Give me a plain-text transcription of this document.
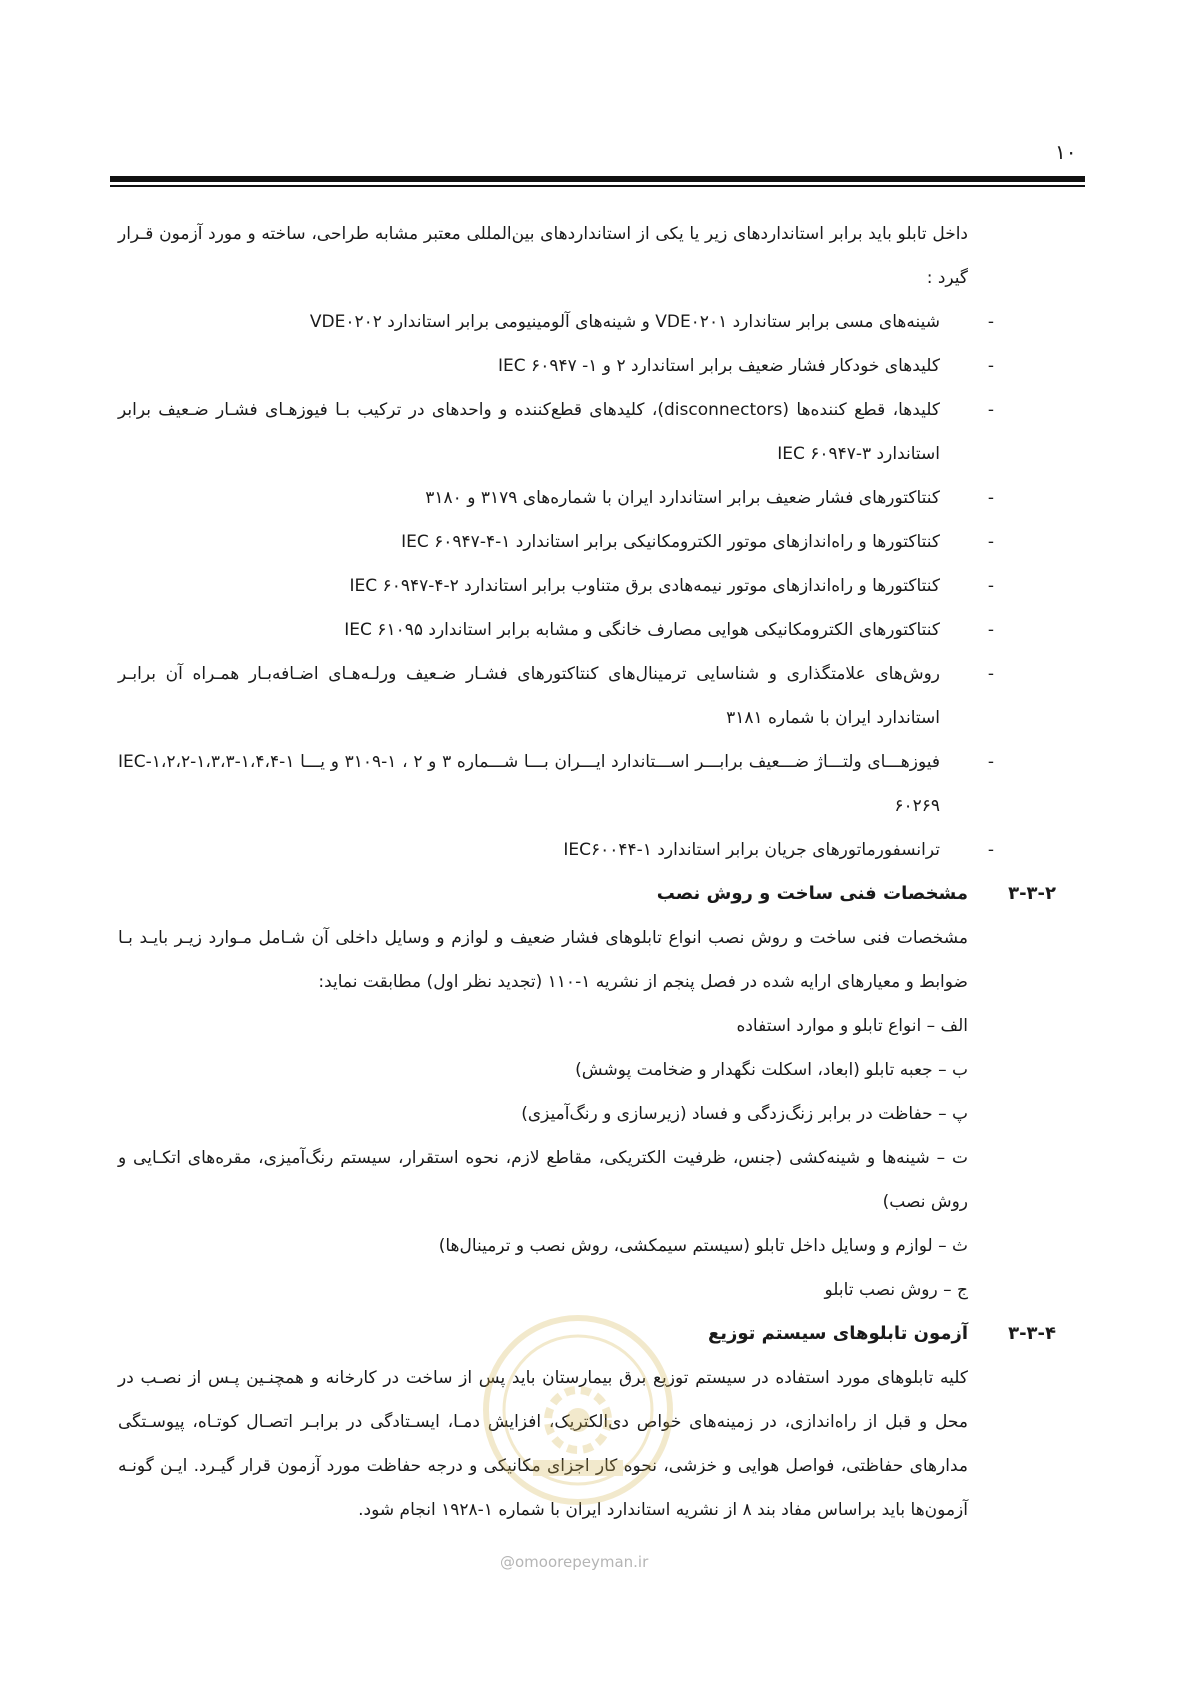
۱۰

داخل تابلو باید برابر استانداردهای زیر یا یکی از استانداردهای بین‌المللی معتبر مشابه طراحی، ساخته و مورد آزمون قـرار گیرد :

-
شینه‌های مسی برابر ستاندارد VDE۰۲۰۱ و شینه‌های آلومینیومی برابر استاندارد VDE۰۲۰۲
-
کلیدهای خودکار فشار ضعیف برابر استاندارد ۲ و ۱- IEC ۶۰۹۴۷
-
کلیدها، قطع کننده‌ها (disconnectors)، کلیدهای قطع‌کننده و واحدهای در ترکیب بـا فیوزهـای فشـار ضـعیف برابر استاندارد ۳-IEC ۶۰۹۴۷
-
کنتاکتورهای فشار ضعیف برابر استاندارد ایران با شماره‌های ۳۱۷۹ و ۳۱۸۰
-
کنتاکتورها و راه‌اندازهای موتور الکترومکانیکی برابر استاندارد ۱-۴-IEC ۶۰۹۴۷
-
کنتاکتورها و راه‌اندازهای موتور نیمه‌هادی برق متناوب برابر استاندارد ۲-۴-IEC ۶۰۹۴۷
-
کنتاکتورهای الکترومکانیکی هوایی مصارف خانگی و مشابه برابر استاندارد IEC ۶۱۰۹۵
-
روش‌های علامتگذاری و شناسایی ترمینال‌های کنتاکتورهای فشـار ضـعیف ورلـه‌هـای اضـافه‌بـار همـراه آن برابـر استاندارد ایران با شماره ۳۱۸۱
-
فیوزهـــای ولتـــاژ ضـــعیف برابـــر اســـتاندارد ایـــران بـــا شـــماره ۳ و ۲ ، ۱-۳۱۰۹ و یـــا ۱-۱،۴،۴-۱،۳،۳-۱،۲،۲-IEC ۶۰۲۶۹
-
ترانسفورماتورهای جریان برابر استاندارد ۱-IEC۶۰۰۴۴
۳-۳-۲
مشخصات فنی ساخت و روش نصب

مشخصات فنی ساخت و روش نصب انواع تابلوهای فشار ضعیف و لوازم و وسایل داخلی آن شـامل مـوارد زیـر بایـد بـا ضوابط و معیارهای ارایه شده در فصل پنجم از نشریه ۱-۱۱۰ (تجدید نظر اول) مطابقت نماید:

الف – انواع تابلو و موارد استفاده

ب – جعبه تابلو (ابعاد، اسکلت نگهدار و ضخامت پوشش)

پ – حفاظت در برابر زنگ‌زدگی و فساد (زیرسازی و رنگ‌آمیزی)

ت – شینه‌ها و شینه‌کشی (جنس، ظرفیت الکتریکی، مقاطع لازم، نحوه استقرار، سیستم رنگ‌آمیزی، مقره‌های اتکـایی و روش نصب)

ث – لوازم و وسایل داخل تابلو (سیستم سیمکشی، روش نصب و ترمینال‌ها)

ج – روش نصب تابلو

۳-۳-۴
آزمون تابلوهای سیستم توزیع

کلیه تابلوهای مورد استفاده در سیستم توزیع برق بیمارستان باید پس از ساخت در کارخانه و همچنـین پـس از نصـب در محل و قبل از راه‌اندازی، در زمینه‌های خواص دی‌الکتریک، افزایش دمـا، ایسـتادگی در برابـر اتصـال کوتـاه، پیوسـتگی مدارهای حفاظتی، فواصل هوایی و خزشی، نحوه کار اجزای مکانیکی و درجه حفاظت مورد آزمون قرار گیـرد. ایـن گونـه آزمون‌ها باید براساس مفاد بند ۸ از نشریه استاندارد ایران با شماره ۱-۱۹۲۸ انجام شود.

@omoorepeyman.ir
